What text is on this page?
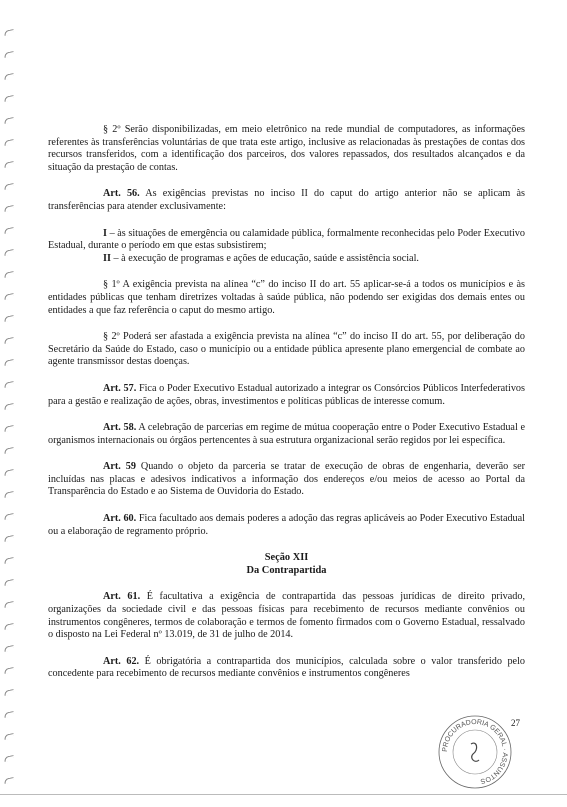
§ 2º Serão disponibilizadas, em meio eletrônico na rede mundial de computadores, as informações referentes às transferências voluntárias de que trata este artigo, inclusive as relacionadas às prestações de contas dos recursos transferidos, com a identificação dos parceiros, dos valores repassados, dos resultados alcançados e da situação da prestação de contas.

Art. 56. As exigências previstas no inciso II do caput do artigo anterior não se aplicam às transferências para atender exclusivamente:

I – às situações de emergência ou calamidade pública, formalmente reconhecidas pelo Poder Executivo Estadual, durante o período em que estas subsistirem;
II – à execução de programas e ações de educação, saúde e assistência social.

§ 1º A exigência prevista na alínea “c” do inciso II do art. 55 aplicar-se-á a todos os municípios e às entidades públicas que tenham diretrizes voltadas à saúde pública, não podendo ser exigidas dos demais entes ou entidades a que faz referência o caput do mesmo artigo.

§ 2º Poderá ser afastada a exigência prevista na alínea “c” do inciso II do art. 55, por deliberação do Secretário da Saúde do Estado, caso o município ou a entidade pública apresente plano emergencial de combate ao agente transmissor destas doenças.

Art. 57. Fica o Poder Executivo Estadual autorizado a integrar os Consórcios Públicos Interfederativos para a gestão e realização de ações, obras, investimentos e políticas públicas de interesse comum.

Art. 58. A celebração de parcerias em regime de mútua cooperação entre o Poder Executivo Estadual e organismos internacionais ou órgãos pertencentes à sua estrutura organizacional serão regidos por lei específica.

Art. 59 Quando o objeto da parceria se tratar de execução de obras de engenharia, deverão ser incluídas nas placas e adesivos indicativos a informação dos endereços e/ou meios de acesso ao Portal da Transparência do Estado e ao Sistema de Ouvidoria do Estado.

Art. 60. Fica facultado aos demais poderes a adoção das regras aplicáveis ao Poder Executivo Estadual ou a elaboração de regramento próprio.

Seção XII
Da Contrapartida

Art. 61. É facultativa a exigência de contrapartida das pessoas jurídicas de direito privado, organizações da sociedade civil e das pessoas físicas para recebimento de recursos mediante convênios ou instrumentos congêneres, termos de colaboração e termos de fomento firmados com o Governo Estadual, ressalvado o disposto na Lei Federal nº 13.019, de 31 de julho de 2014.

Art. 62. É obrigatória a contrapartida dos municípios, calculada sobre o valor transferido pelo concedente para recebimento de recursos mediante convênios e instrumentos congêneres

27
PROCURADORIA GERAL · ASSUNTOS
